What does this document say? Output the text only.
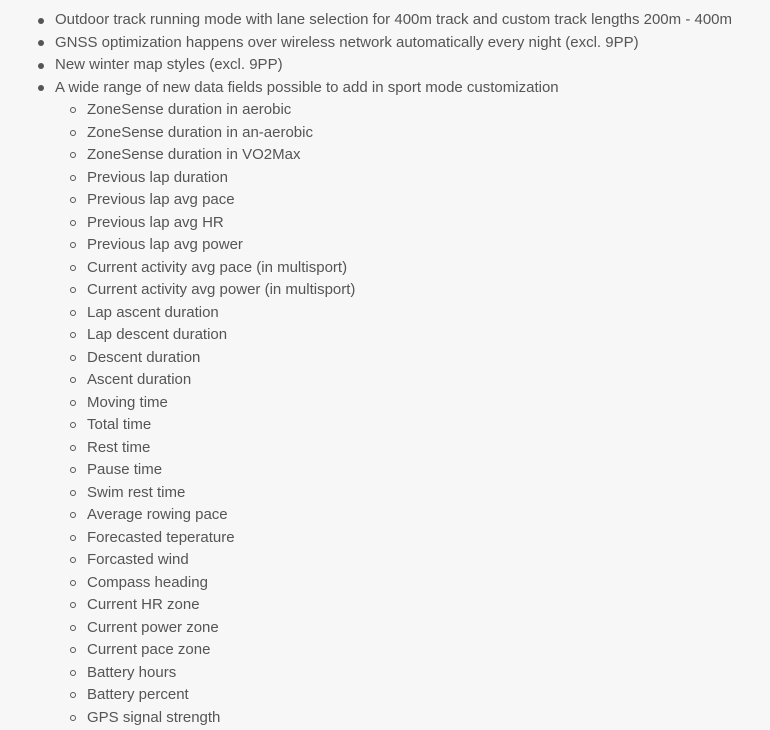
Outdoor track running mode with lane selection for 400m track and custom track lengths 200m - 400m
GNSS optimization happens over wireless network automatically every night (excl. 9PP)
New winter map styles (excl. 9PP)
A wide range of new data fields possible to add in sport mode customization
ZoneSense duration in aerobic
ZoneSense duration in an-aerobic
ZoneSense duration in VO2Max
Previous lap duration
Previous lap avg pace
Previous lap avg HR
Previous lap avg power
Current activity avg pace (in multisport)
Current activity avg power (in multisport)
Lap ascent duration
Lap descent duration
Descent duration
Ascent duration
Moving time
Total time
Rest time
Pause time
Swim rest time
Average rowing pace
Forecasted teperature
Forcasted wind
Compass heading
Current HR zone
Current power zone
Current pace zone
Battery hours
Battery percent
GPS signal strength
